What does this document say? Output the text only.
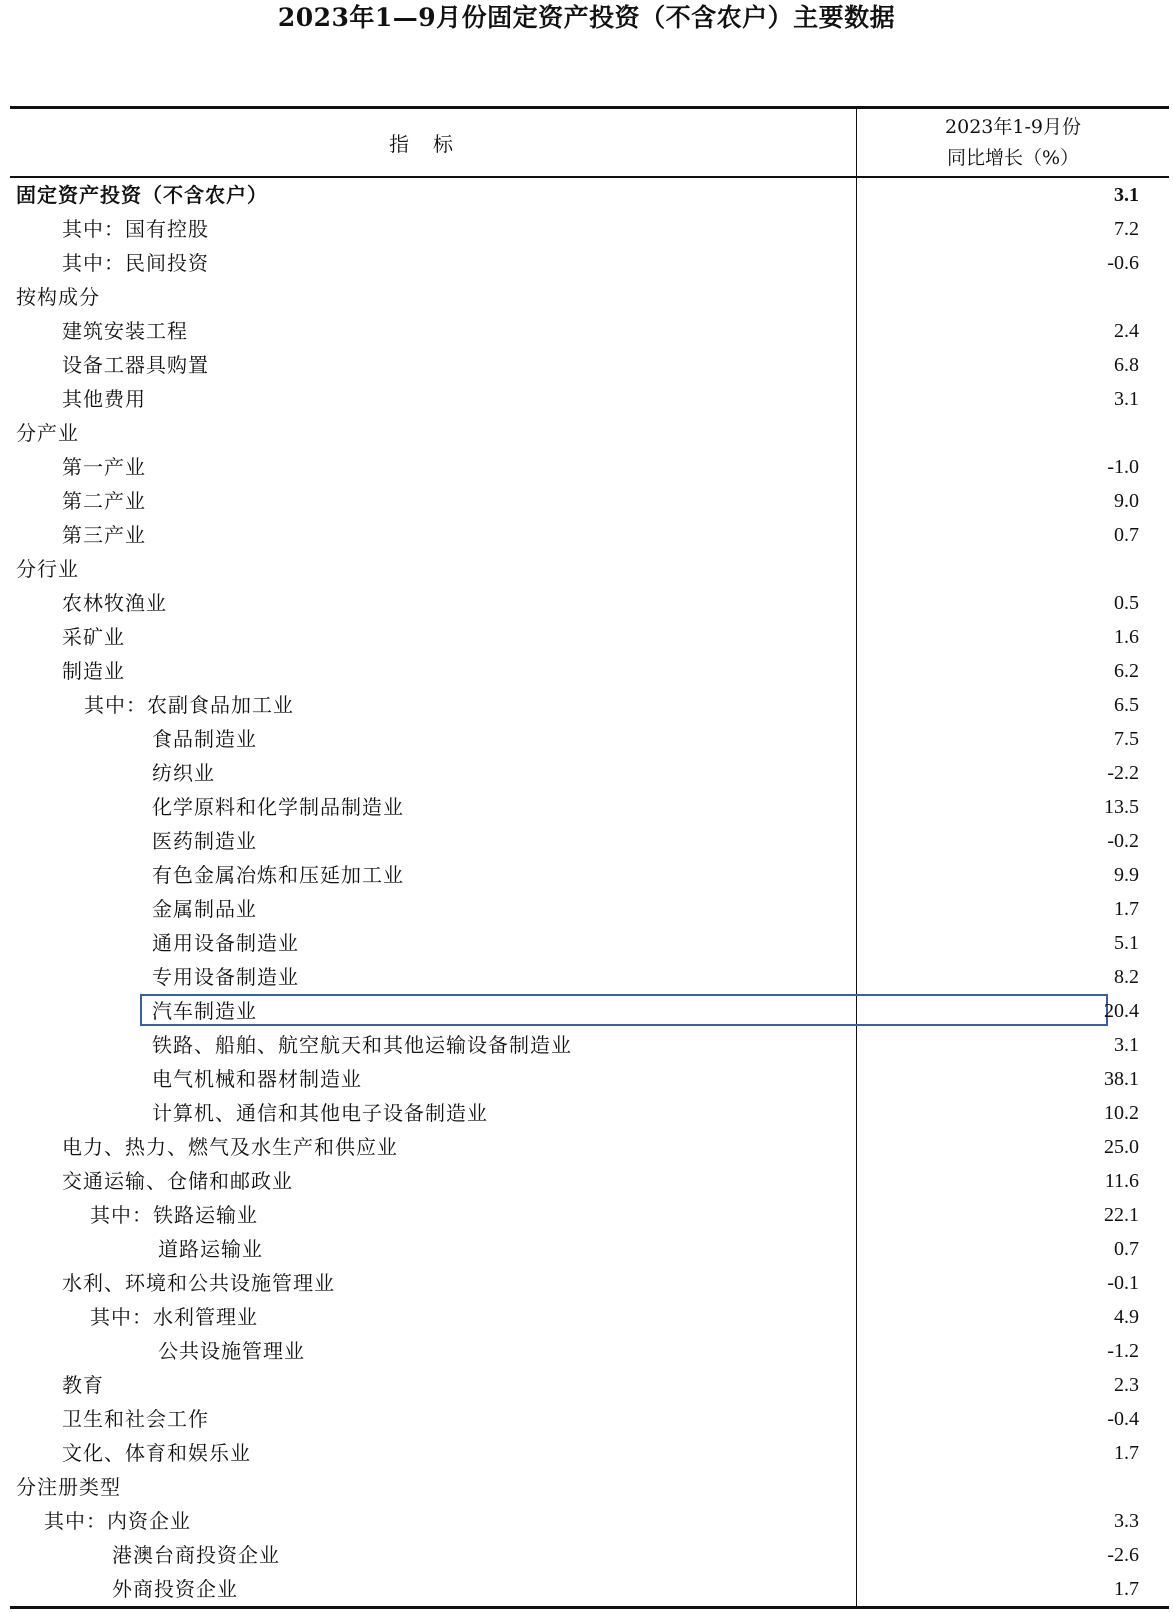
2023年1—9月份固定资产投资（不含农户）主要数据
指标
2023年1-9月份
同比增长（%）
固定资产投资（不含农户）	3.1
其中：国有控股	7.2
其中：民间投资	-0.6
按构成分
建筑安装工程	2.4
设备工器具购置	6.8
其他费用	3.1
分产业
第一产业	-1.0
第二产业	9.0
第三产业	0.7
分行业
农林牧渔业	0.5
采矿业	1.6
制造业	6.2
其中：农副食品加工业	6.5
食品制造业	7.5
纺织业	-2.2
化学原料和化学制品制造业	13.5
医药制造业	-0.2
有色金属冶炼和压延加工业	9.9
金属制品业	1.7
通用设备制造业	5.1
专用设备制造业	8.2
汽车制造业	20.4
铁路、船舶、航空航天和其他运输设备制造业	3.1
电气机械和器材制造业	38.1
计算机、通信和其他电子设备制造业	10.2
电力、热力、燃气及水生产和供应业	25.0
交通运输、仓储和邮政业	11.6
其中：铁路运输业	22.1
道路运输业	0.7
水利、环境和公共设施管理业	-0.1
其中：水利管理业	4.9
公共设施管理业	-1.2
教育	2.3
卫生和社会工作	-0.4
文化、体育和娱乐业	1.7
分注册类型
其中：内资企业	3.3
港澳台商投资企业	-2.6
外商投资企业	1.7
